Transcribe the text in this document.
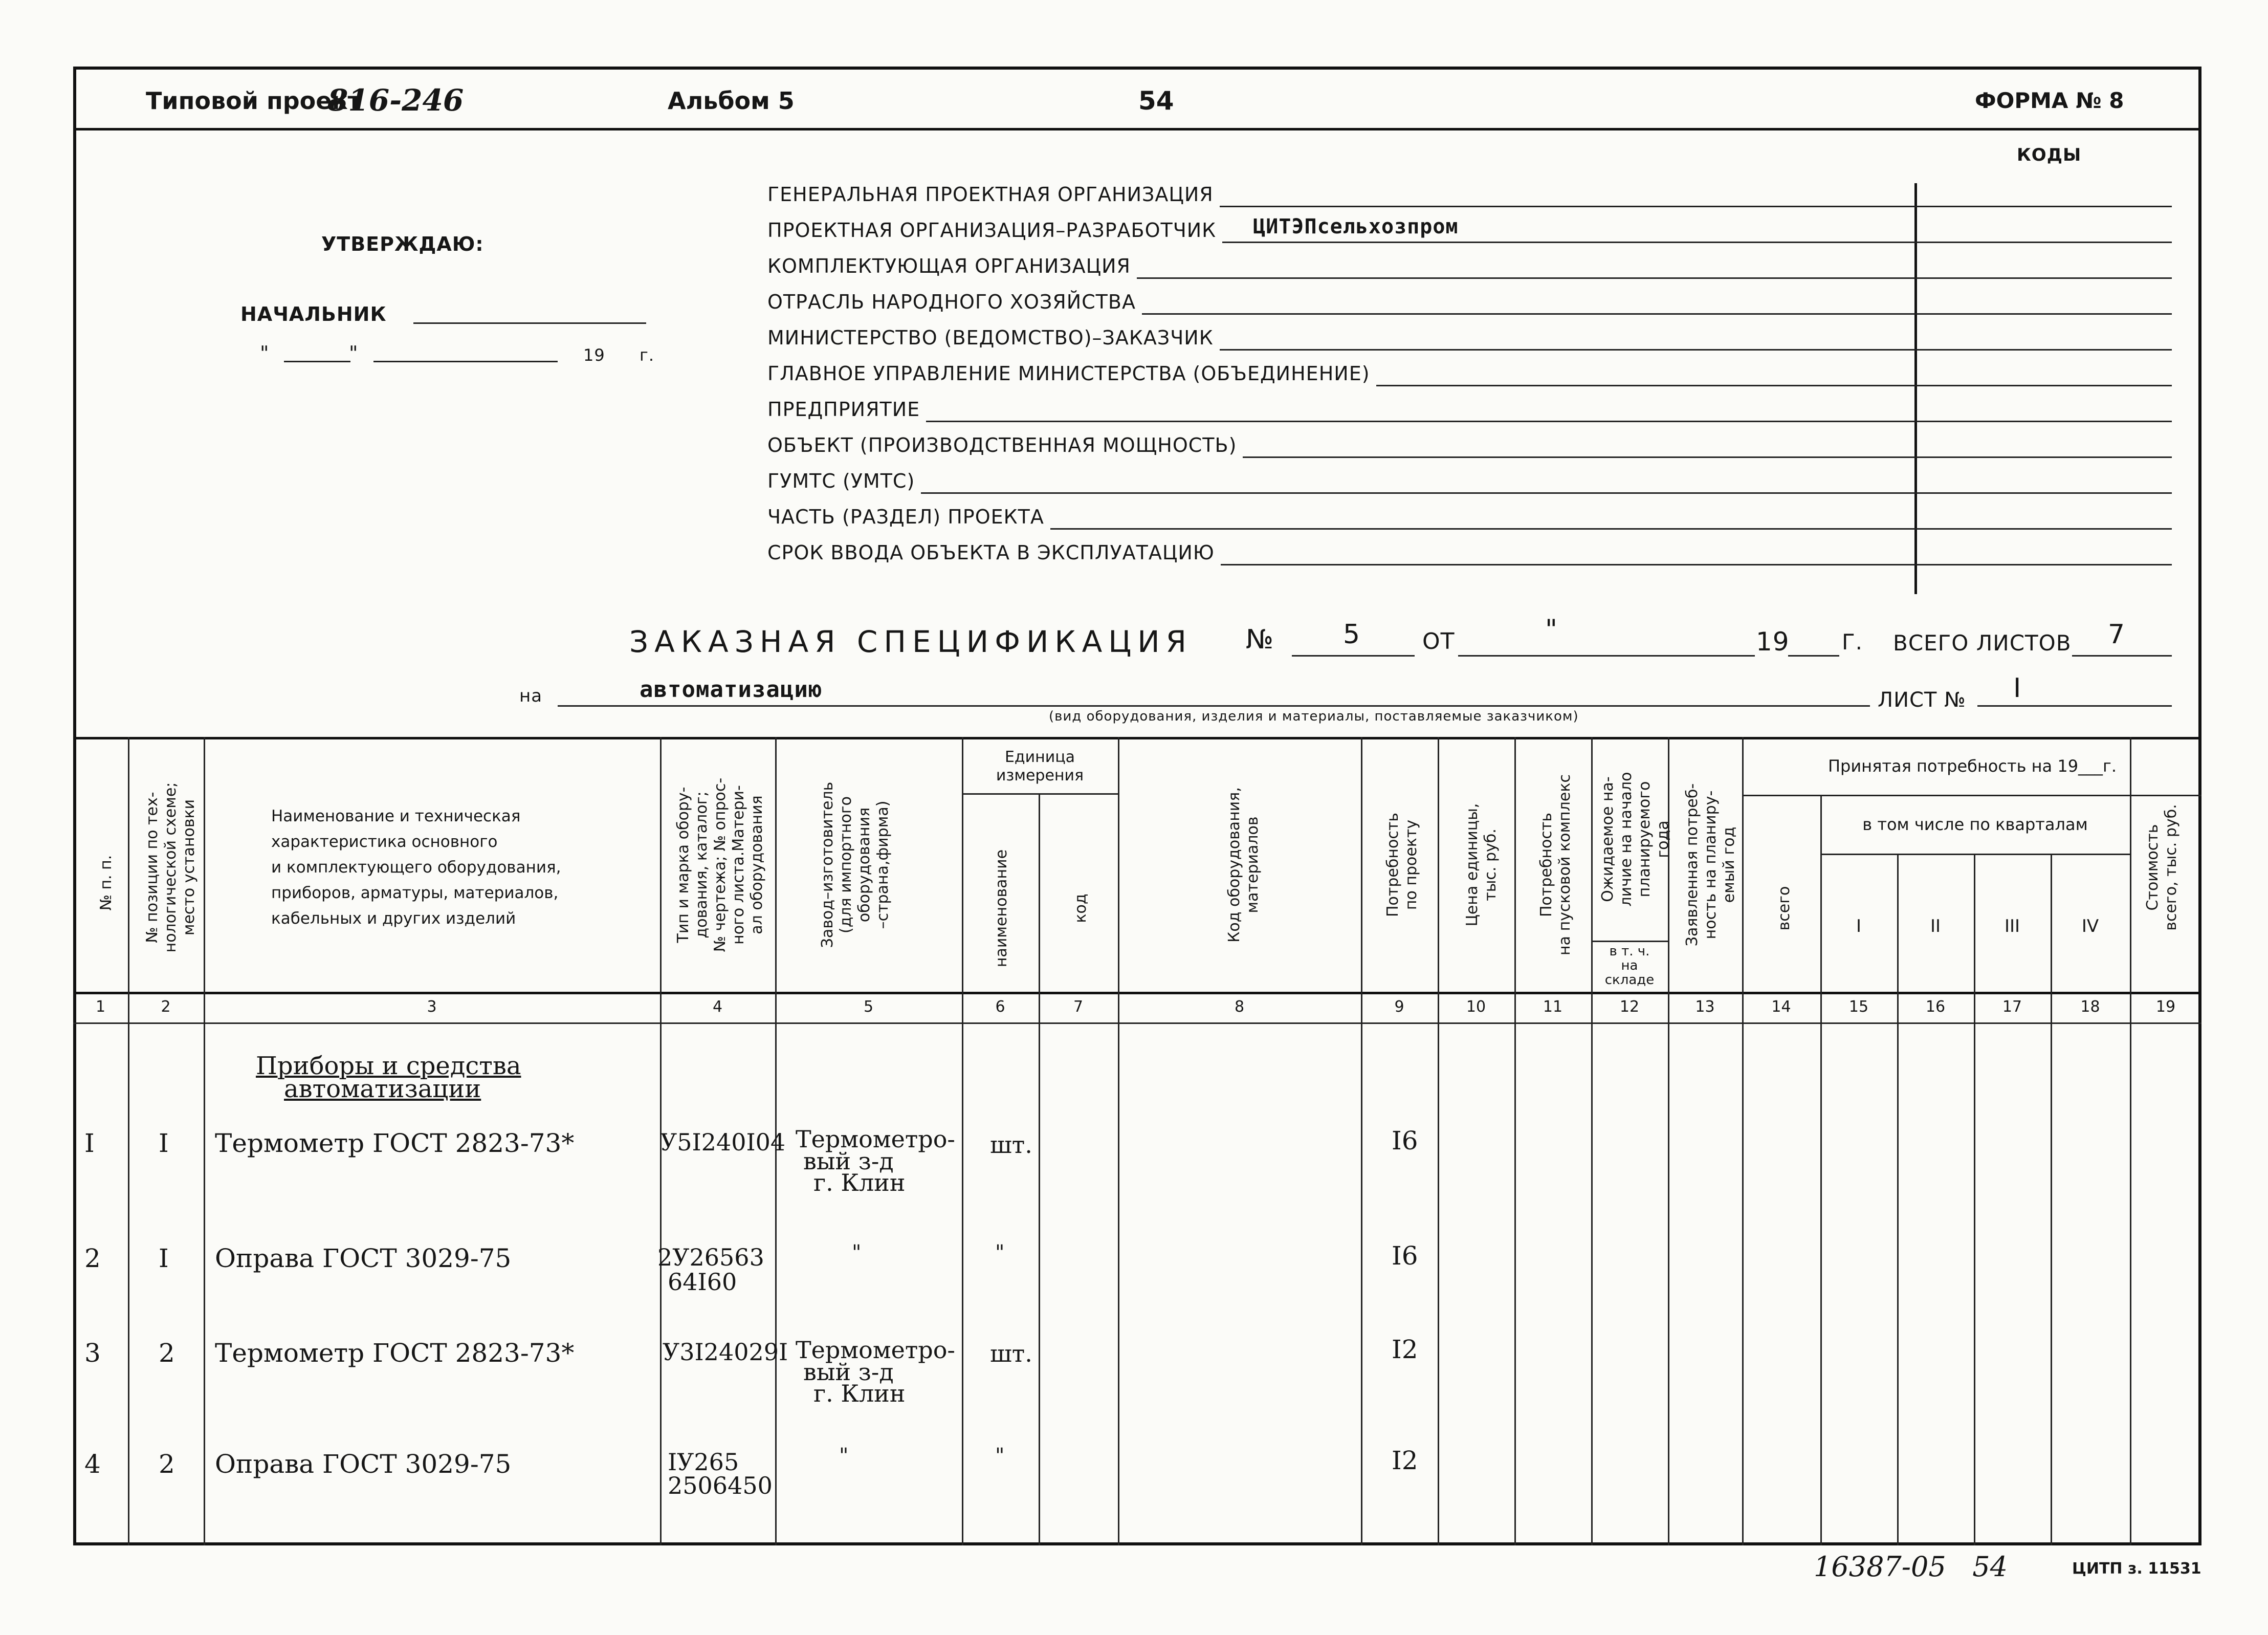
Типовой проект
816-246	Альбом 5	54	ФОРМА № 8
УТВЕРЖДАЮ:
НАЧАЛЬНИК
"	"	19 г.
КОДЫ
ГЕНЕРАЛЬНАЯ ПРОЕКТНАЯ ОРГАНИЗАЦИЯ
ПРОЕКТНАЯ ОРГАНИЗАЦИЯ–РАЗРАБОТЧИК ЦИТЭПсельхозпром
КОМПЛЕКТУЮЩАЯ ОРГАНИЗАЦИЯ
ОТРАСЛЬ НАРОДНОГО ХОЗЯЙСТВА
МИНИСТЕРСТВО (ВЕДОМСТВО)–ЗАКАЗЧИК
ГЛАВНОЕ УПРАВЛЕНИЕ МИНИСТЕРСТВА (ОБЪЕДИНЕНИЕ)
ПРЕДПРИЯТИЕ
ОБЪЕКТ (ПРОИЗВОДСТВЕННАЯ МОЩНОСТЬ)
ГУМТС (УМТС)
ЧАСТЬ (РАЗДЕЛ) ПРОЕКТА
СРОК ВВОДА ОБЪЕКТА В ЭКСПЛУАТАЦИЮ
ЗАКАЗНАЯ СПЕЦИФИКАЦИЯ №	5	ОТ	"	19 Г. ВСЕГО ЛИСТОВ 7
на	автоматизацию
(вид оборудования, изделия и материалы, поставляемые заказчиком)
ЛИСТ № I
Единица
измерения	Принятая потребность на 19___г.
в том числе по кварталам
в т. ч.
на
складе
Наименование и техническая
характеристика основного
и комплектующего оборудования,
приборов, арматуры, материалов,
кабельных и других изделий	I	II	III	IV
№ п. п.
№ позиции по тех-
нологической схеме;
место установки
Тип и марка обору-
дования, каталог;
№ чертежа; № опрос-
ного листа.Матери-
ал оборудования	Завод–изготовитель
(для импортного
оборудования
–страна,фирма)	наименование	код
Код оборудования,
материалов	Потребность
по проекту
Цена единицы,
тыс. руб. Потребность
на пусковой комплекс Ожидаемое на-
личие на начало
планируемого
года
Заявленная потреб-
ность на планиру-
емый год
всего	Стоимость
всего, тыс. руб.
1	2	3	4	5	6	7	8	9	10	11	12	13	14	15	16	17	18	19
Приборы и средства
автоматизации
I	I Термометр ГОСТ 2823-73*	У5I240I04 Термометро-
вый з-д
г. Клин
шт.	I6
2 I Оправа ГОСТ 3029-75	2У26563
64I60
"	"	I6
3 2 Термометр ГОСТ 2823-73*	У3I24029I Термометро-
вый з-д
г. Клин
шт.	I2
4 2 Оправа ГОСТ 3029-75	IУ265
2506450
"	"	I2
16387-05   54	ЦИТП з. 11531
